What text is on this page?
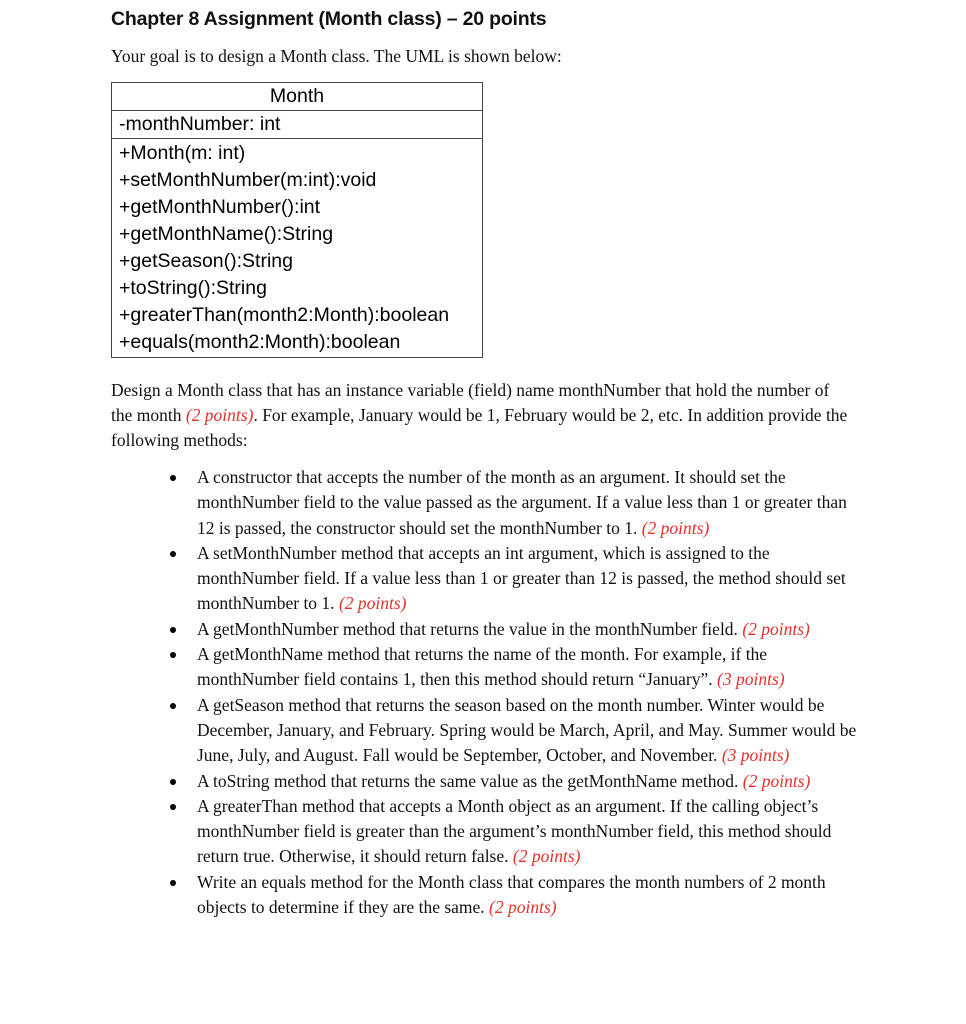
Chapter 8 Assignment (Month class) – 20 points

Your goal is to design a Month class. The UML is shown below:

Month
-monthNumber: int
+Month(m: int)
+setMonthNumber(m:int):void
+getMonthNumber():int
+getMonthName():String
+getSeason():String
+toString():String
+greaterThan(month2:Month):boolean
+equals(month2:Month):boolean

Design a Month class that has an instance variable (field) name monthNumber that hold the number of the month (2 points). For example, January would be 1, February would be 2, etc. In addition provide the following methods:

A constructor that accepts the number of the month as an argument. It should set the monthNumber field to the value passed as the argument. If a value less than 1 or greater than 12 is passed, the constructor should set the monthNumber to 1. (2 points)
A setMonthNumber method that accepts an int argument, which is assigned to the monthNumber field. If a value less than 1 or greater than 12 is passed, the method should set monthNumber to 1. (2 points)
A getMonthNumber method that returns the value in the monthNumber field. (2 points)
A getMonthName method that returns the name of the month. For example, if the monthNumber field contains 1, then this method should return “January”. (3 points)
A getSeason method that returns the season based on the month number. Winter would be December, January, and February. Spring would be March, April, and May. Summer would be June, July, and August. Fall would be September, October, and November. (3 points)
A toString method that returns the same value as the getMonthName method. (2 points)
A greaterThan method that accepts a Month object as an argument. If the calling object’s monthNumber field is greater than the argument’s monthNumber field, this method should return true. Otherwise, it should return false. (2 points)
Write an equals method for the Month class that compares the month numbers of 2 month objects to determine if they are the same. (2 points)
